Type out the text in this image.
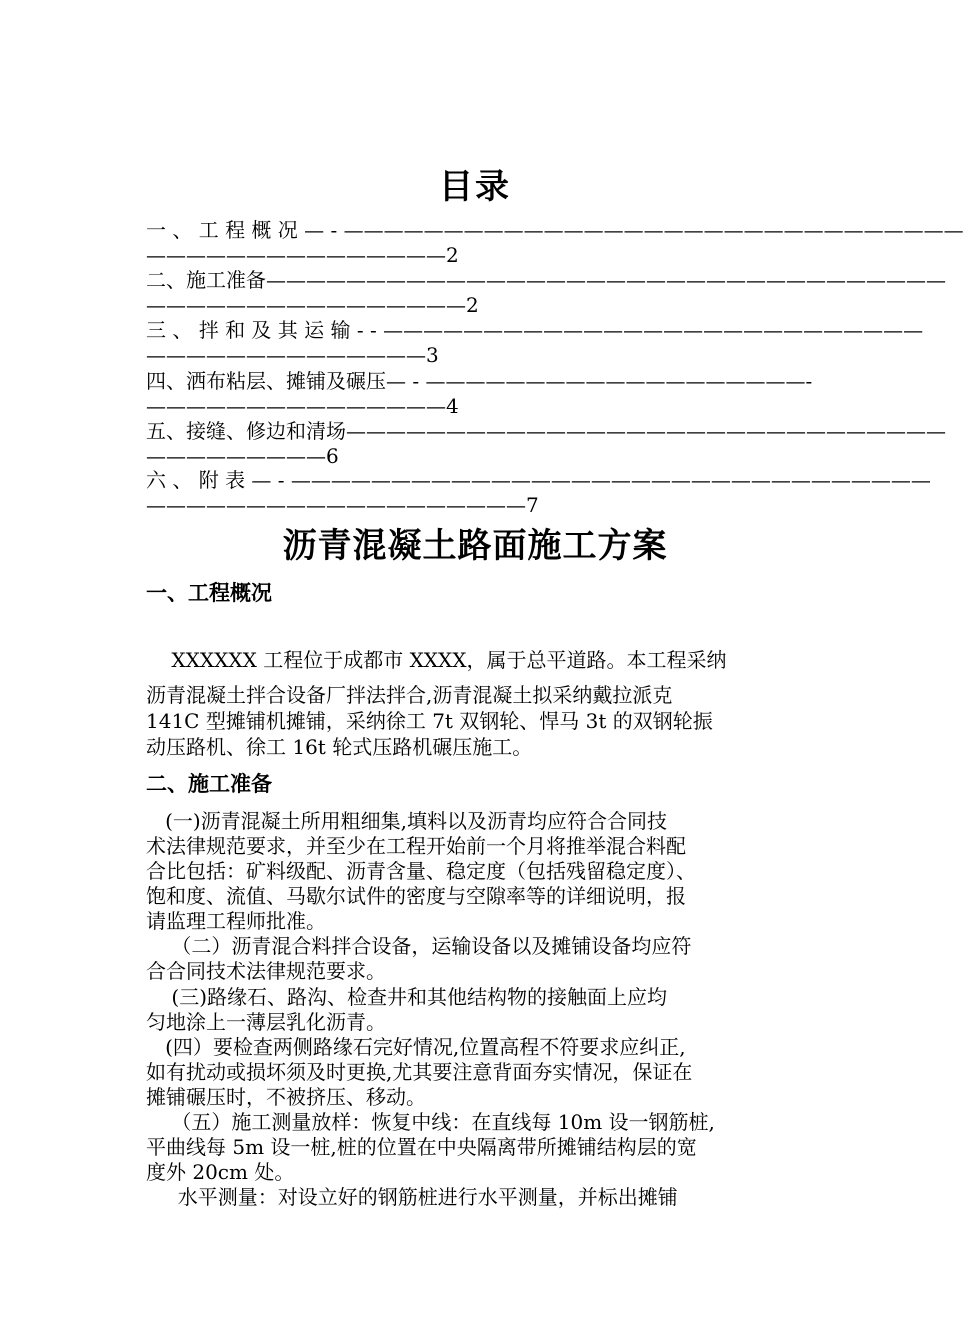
目录
一 、 工 程 概 况 — - ———————————————————————————————
———————————————2
二、施工准备——————————————————————————————————
————————————————2
三 、 拌 和 及 其 运 输 - - ———————————————————————————
——————————————3
四、洒布粘层、摊铺及碾压— - ———————————————————-
———————————————4
五、接缝、修边和清场——————————————————————————————
—————————6
六 、 附 表 — - ————————————————————————————————
———————————————————7
沥青混凝土路面施工方案
一、工程概况
XXXXXX 工程位于成都市 XXXX，属于总平道路。本工程采纳
沥青混凝土拌合设备厂拌法拌合,沥青混凝土拟采纳戴拉派克
141C 型摊铺机摊铺，采纳徐工 7t 双钢轮、悍马 3t 的双钢轮振
动压路机、徐工 16t 轮式压路机碾压施工。
二、施工准备
(一)沥青混凝土所用粗细集,填料以及沥青均应符合合同技
术法律规范要求，并至少在工程开始前一个月将推举混合料配
合比包括：矿料级配、沥青含量、稳定度（包括残留稳定度）、
饱和度、流值、马歇尔试件的密度与空隙率等的详细说明，报
请监理工程师批准。
（二）沥青混合料拌合设备，运输设备以及摊铺设备均应符
合合同技术法律规范要求。
(三)路缘石、路沟、检查井和其他结构物的接触面上应均
匀地涂上一薄层乳化沥青。
(四）要检查两侧路缘石完好情况,位置高程不符要求应纠正,
如有扰动或损坏须及时更换,尤其要注意背面夯实情况，保证在
摊铺碾压时，不被挤压、移动。
（五）施工测量放样：恢复中线：在直线每 10m 设一钢筋桩,
平曲线每 5m 设一桩,桩的位置在中央隔离带所摊铺结构层的宽
度外 20cm 处。
水平测量：对设立好的钢筋桩进行水平测量，并标出摊铺
